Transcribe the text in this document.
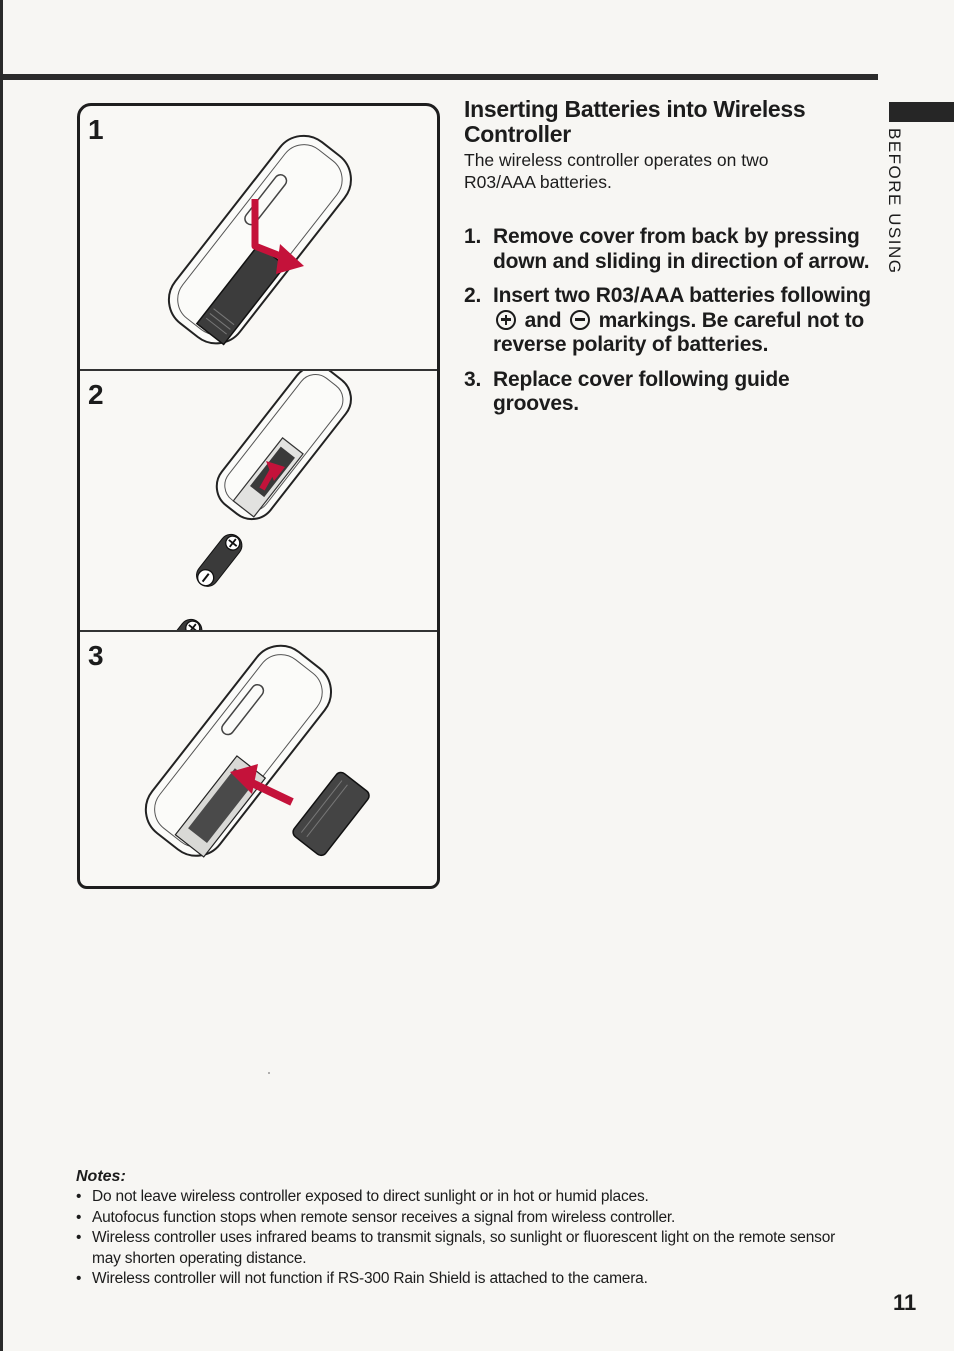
BEFORE USING
1
2
3
Inserting Batteries into Wireless Controller
The wireless controller operates on two R03/AAA batteries.
1. Remove cover from back by pressing down and sliding in direction of arrow.
2. Insert two R03/AAA batteries following  and markings. Be careful not to reverse polarity of batteries.
3. Replace cover following guide grooves.
Notes:
• Do not leave wireless controller exposed to direct sunlight or in hot or humid places.
• Autofocus function stops when remote sensor receives a signal from wireless controller.
• Wireless controller uses infrared beams to transmit signals, so sunlight or fluorescent light on the remote sensor may shorten operating distance.
• Wireless controller will not function if RS-300 Rain Shield is attached to the camera.
11
